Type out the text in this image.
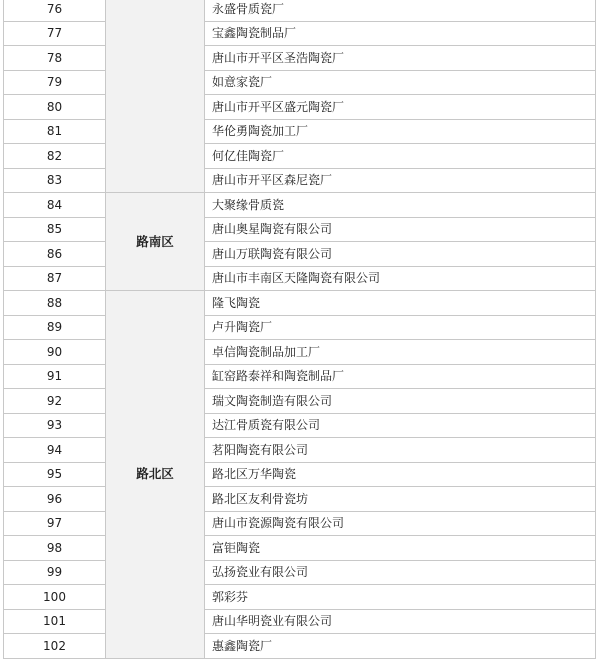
76		永盛骨质瓷厂
77		宝鑫陶瓷制品厂
78		唐山市开平区圣浩陶瓷厂
79		如意家瓷厂
80		唐山市开平区盛元陶瓷厂
81		华伦勇陶瓷加工厂
82		何亿佳陶瓷厂
83		唐山市开平区森尼瓷厂
84	路南区	大聚缘骨质瓷
85		唐山奥星陶瓷有限公司
86		唐山万联陶瓷有限公司
87		唐山市丰南区天隆陶瓷有限公司
88	路北区	隆飞陶瓷
89		卢升陶瓷厂
90		卓信陶瓷制品加工厂
91		缸窑路泰祥和陶瓷制品厂
92		瑞文陶瓷制造有限公司
93		达江骨质瓷有限公司
94		茗阳陶瓷有限公司
95		路北区万华陶瓷
96		路北区友利骨瓷坊
97		唐山市瓷源陶瓷有限公司
98		富钜陶瓷
99		弘扬瓷业有限公司
100		郭彩芬
101		唐山华明瓷业有限公司
102		惠鑫陶瓷厂
